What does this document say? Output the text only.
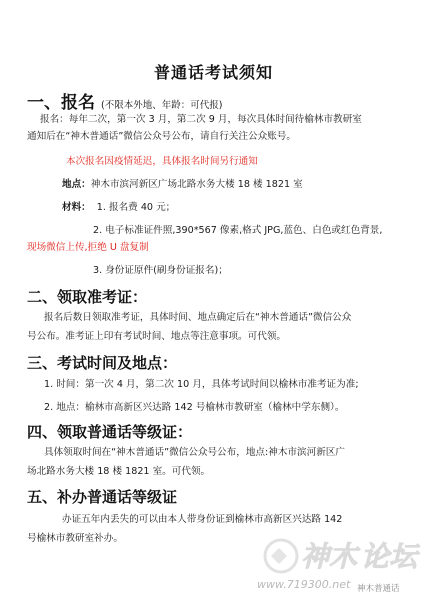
普通话考试须知
一、报名 (不限本外地、年龄：可代报)
报名：每年二次，第一次 3 月，第二次 9 月，每次具体时间待榆林市教研室
通知后在“神木普通话”微信公众号公布，请自行关注公众账号。
本次报名因疫情延迟，具体报名时间另行通知
地点：神木市滨河新区广场北路水务大楼 18 楼 1821 室
材料： 1. 报名费 40 元；
2. 电子标准证件照,390*567 像素,格式 JPG,蓝色、白色或红色背景,
现场微信上传,拒绝 U 盘复制
3. 身份证原件(刷身份证报名)；
二、领取准考证：
报名后数日领取准考证，具体时间、地点确定后在“神木普通话”微信公众
号公布。准考证上印有考试时间、地点等注意事项。可代领。
三、考试时间及地点：
1. 时间：第一次 4 月，第二次 10 月，具体考试时间以榆林市准考证为准;
2. 地点：榆林市高新区兴达路 142 号榆林市教研室（榆林中学东侧）。
四、领取普通话等级证：
具体领取时间在“神木普通话”微信公众号公布，地点:神木市滨河新区广
场北路水务大楼 18 楼 1821 室。可代领。
五、补办普通话等级证
办证五年内丢失的可以由本人带身份证到榆林市高新区兴达路 142
号榆林市教研室补办。
神木 论坛
www.719300.net 神木普通话
